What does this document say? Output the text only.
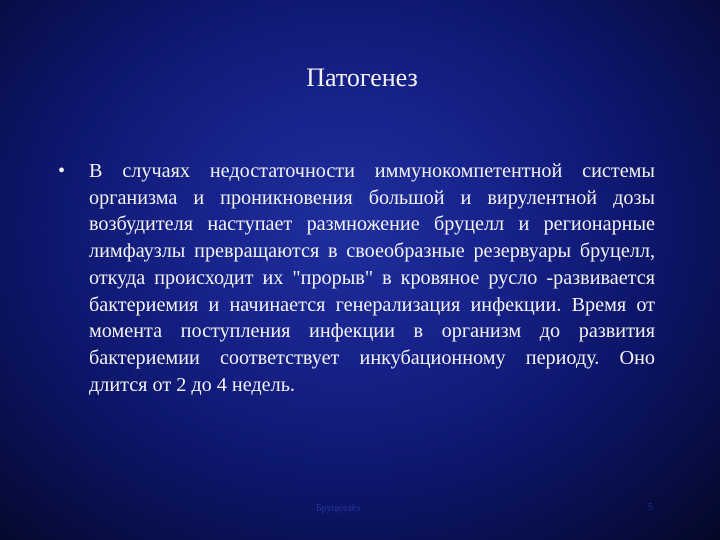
Патогенез
• В случаях недостаточности иммунокомпетентной системы организма и проникновения большой и вирулентной дозы возбудителя наступает размножение бруцелл и регионарные лимфаузлы превращаются в своеобразные резервуары бруцелл, откуда происходит их "прорыв" в кровяное русло -развивается бактериемия и начинается генерализация инфекции. Время от момента поступления инфекции в организм до развития бактериемии соответствует инкубационному периоду. Оно длится от 2 до 4 недель.
Бруцеллёз	5
